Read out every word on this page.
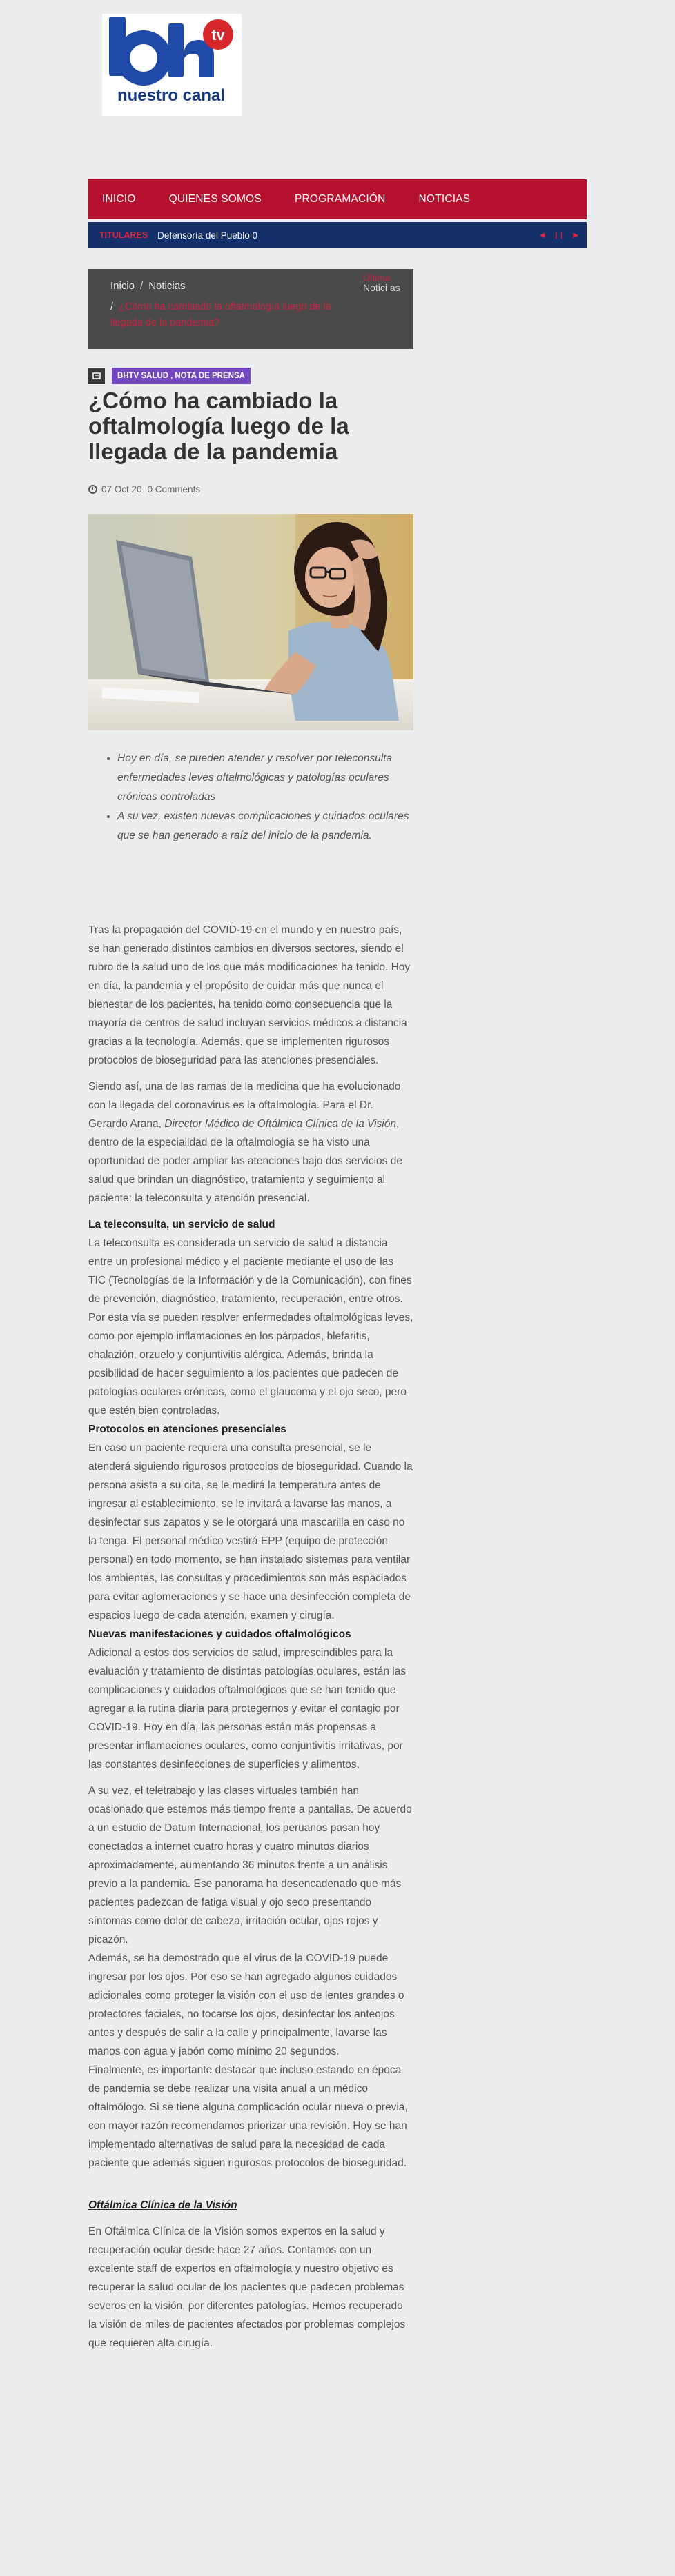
tv
nuestro canal
INICIO	QUIENES SOMOS	PROGRAMACIÓN	NOTICIAS
TITULARES Defensoría del Pueblo 0	◀ ❙❙ ▶
Inicio / Noticias
/ ¿Cómo ha cambiado la oftalmología luego de la llegada de la pandemia?
Última
Notici as
BHTV SALUD , NOTA DE PRENSA
¿Cómo ha cambiado la oftalmología luego de la llegada de la pandemia
07 Oct 20 0 Comments
• Hoy en día, se pueden atender y resolver por teleconsulta enfermedades leves oftalmológicas y patologías oculares crónicas controladas
• A su vez, existen nuevas complicaciones y cuidados oculares que se han generado a raíz del inicio de la pandemia.

Tras la propagación del COVID-19 en el mundo y en nuestro país, se han generado distintos cambios en diversos sectores, siendo el rubro de la salud uno de los que más modificaciones ha tenido. Hoy en día, la pandemia y el propósito de cuidar más que nunca el bienestar de los pacientes, ha tenido como consecuencia que la mayoría de centros de salud incluyan servicios médicos a distancia gracias a la tecnología. Además, que se implementen rigurosos protocolos de bioseguridad para las atenciones presenciales.

Siendo así, una de las ramas de la medicina que ha evolucionado con la llegada del coronavirus es la oftalmología. Para el Dr. Gerardo Arana, Director Médico de Oftálmica Clínica de la Visión, dentro de la especialidad de la oftalmología se ha visto una oportunidad de poder ampliar las atenciones bajo dos servicios de salud que brindan un diagnóstico, tratamiento y seguimiento al paciente: la teleconsulta y atención presencial.

La teleconsulta, un servicio de salud

La teleconsulta es considerada un servicio de salud a distancia entre un profesional médico y el paciente mediante el uso de las TIC (Tecnologías de la Información y de la Comunicación), con fines de prevención, diagnóstico, tratamiento, recuperación, entre otros. Por esta vía se pueden resolver enfermedades oftalmológicas leves, como por ejemplo inflamaciones en los párpados, blefaritis, chalazión, orzuelo y conjuntivitis alérgica. Además, brinda la posibilidad de hacer seguimiento a los pacientes que padecen de patologías oculares crónicas, como el glaucoma y el ojo seco, pero que estén bien controladas.

Protocolos en atenciones presenciales

En caso un paciente requiera una consulta presencial, se le atenderá siguiendo rigurosos protocolos de bioseguridad. Cuando la persona asista a su cita, se le medirá la temperatura antes de ingresar al establecimiento, se le invitará a lavarse las manos, a desinfectar sus zapatos y se le otorgará una mascarilla en caso no la tenga. El personal médico vestirá EPP (equipo de protección personal) en todo momento, se han instalado sistemas para ventilar los ambientes, las consultas y procedimientos son más espaciados para evitar aglomeraciones y se hace una desinfección completa de espacios luego de cada atención, examen y cirugía.

Nuevas manifestaciones y cuidados oftalmológicos

Adicional a estos dos servicios de salud, imprescindibles para la evaluación y tratamiento de distintas patologías oculares, están las complicaciones y cuidados oftalmológicos que se han tenido que agregar a la rutina diaria para protegernos y evitar el contagio por COVID-19. Hoy en día, las personas están más propensas a presentar inflamaciones oculares, como conjuntivitis irritativas, por las constantes desinfecciones de superficies y alimentos.

A su vez, el teletrabajo y las clases virtuales también han ocasionado que estemos más tiempo frente a pantallas. De acuerdo a un estudio de Datum Internacional, los peruanos pasan hoy conectados a internet cuatro horas y cuatro minutos diarios aproximadamente, aumentando 36 minutos frente a un análisis previo a la pandemia. Ese panorama ha desencadenado que más pacientes padezcan de fatiga visual y ojo seco presentando síntomas como dolor de cabeza, irritación ocular, ojos rojos y picazón.

Además, se ha demostrado que el virus de la COVID-19 puede ingresar por los ojos. Por eso se han agregado algunos cuidados adicionales como proteger la visión con el uso de lentes grandes o protectores faciales, no tocarse los ojos, desinfectar los anteojos antes y después de salir a la calle y principalmente, lavarse las manos con agua y jabón como mínimo 20 segundos.

Finalmente, es importante destacar que incluso estando en época de pandemia se debe realizar una visita anual a un médico oftalmólogo. Si se tiene alguna complicación ocular nueva o previa, con mayor razón recomendamos priorizar una revisión. Hoy se han implementado alternativas de salud para la necesidad de cada paciente que además siguen rigurosos protocolos de bioseguridad.

Oftálmica Clínica de la Visión

En Oftálmica Clínica de la Visión somos expertos en la salud y recuperación ocular desde hace 27 años. Contamos con un excelente staff de expertos en oftalmología y nuestro objetivo es recuperar la salud ocular de los pacientes que padecen problemas severos en la visión, por diferentes patologías. Hemos recuperado la visión de miles de pacientes afectados por problemas complejos que requieren alta cirugía.
